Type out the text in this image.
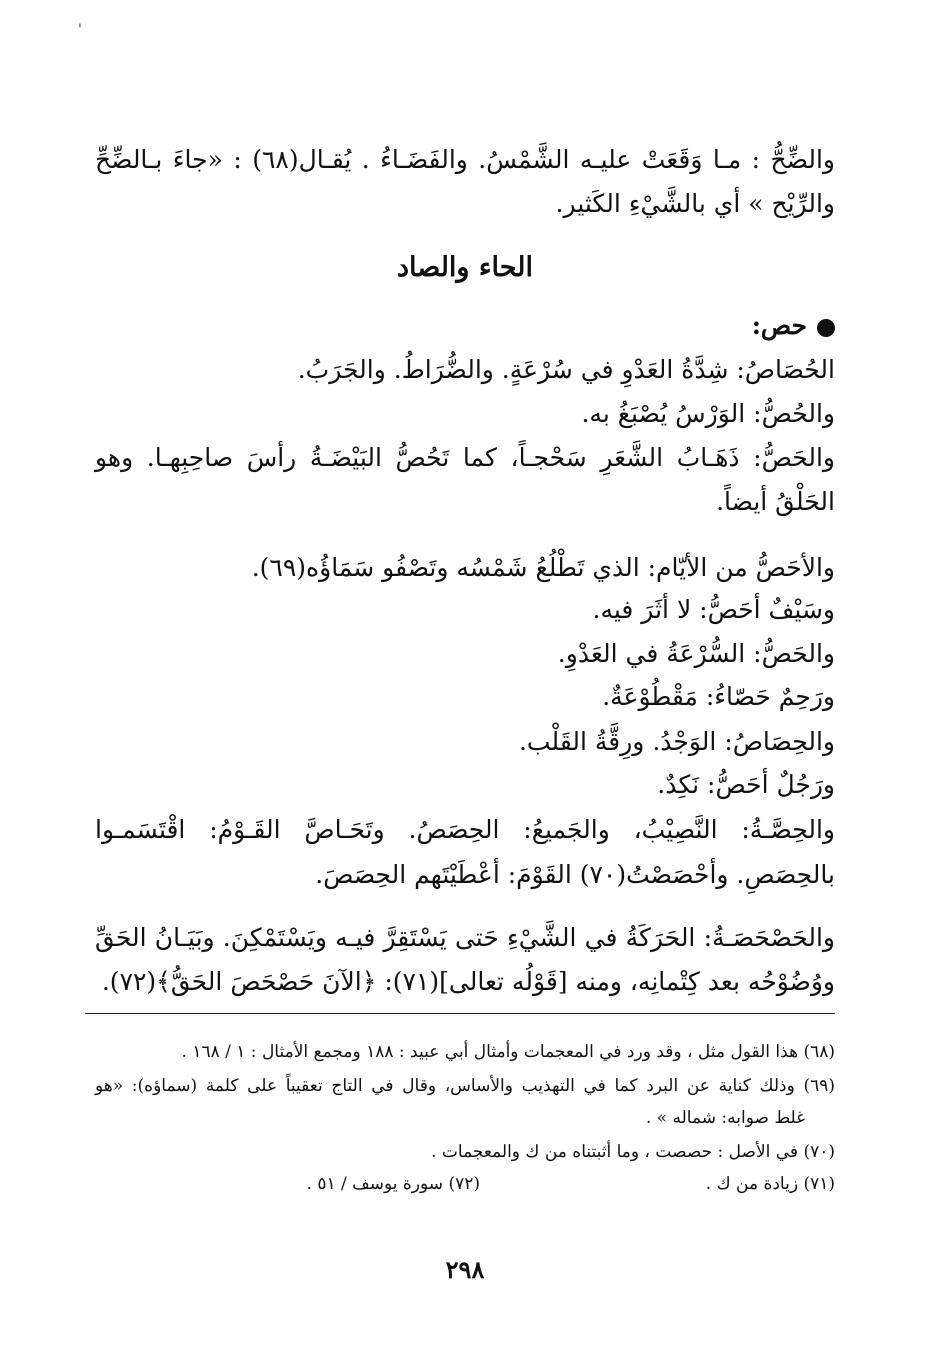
'
والضِّحُّ : مـا وَقَعَتْ عليـه الشَّمْسُ. والفَضَـاءُ . يُقـال(٦٨) : «جاءَ بـالضِّحِّ
والرِّيْح » أي بالشَّيْءِ الكَثير.
الحاء والصاد
حص:
الحُصَاصُ: شِدَّةُ العَدْوِ في سُرْعَةٍ. والضُّرَاطُ. والجَرَبُ.
والحُصُّ: الوَرْسُ يُصْبَغُ به.
والحَصُّ: ذَهَـابُ الشَّعَرِ سَحْجـاً، كما تَحُصُّ البَيْضَـةُ رأسَ صاحِبِهـا. وهو
الحَلْقُ أيضاً.
والأحَصُّ من الأيّام: الذي تَطْلُعُ شَمْسُه وتَصْفُو سَمَاؤُه(٦٩).
وسَيْفٌ أحَصُّ: لا أثَرَ فيه.
والحَصُّ: السُّرْعَةُ في العَدْوِ.
ورَحِمٌ حَصّاءُ: مَقْطُوْعَةٌ.
والحِصَاصُ: الوَجْدُ. ورِقَّةُ القَلْب.
ورَجُلٌ أحَصُّ: نَكِدٌ.
والحِصَّـةُ: النَّصِيْبُ، والجَميعُ: الحِصَصُ. وتَحَـاصَّ القَـوْمُ: اقْتَسَمـوا
بالحِصَصِ. وأحْصَصْتُ(٧٠) القَوْمَ: أعْطَيْتَهم الحِصَصَ.
والحَصْحَصَـةُ: الحَرَكَةُ في الشَّيْءِ حَتى يَسْتَقِرَّ فيـه ويَسْتَمْكِنَ. وبَيَـانُ الحَقِّ
ووُضُوْحُه بعد كِتْمانِه، ومنه [قَوْلُه تعالى](٧١): ﴿الآنَ حَصْحَصَ الحَقُّ﴾(٧٢).
(٦٨) هذا القول مثل ، وقد ورد في المعجمات وأمثال أبي عبيد : ١٨٨ ومجمع الأمثال : ١ / ١٦٨ .
(٦٩) وذلك كناية عن البرد كما في التهذيب والأساس، وقال في التاج تعقيباً على كلمة (سماؤه): «هو
غلط صوابه: شماله » .
(٧٠) في الأصل : حصصت ، وما أثبتناه من ك والمعجمات .
(٧١) زيادة من ك .
(٧٢) سورة يوسف / ٥١ .
٢٩٨
